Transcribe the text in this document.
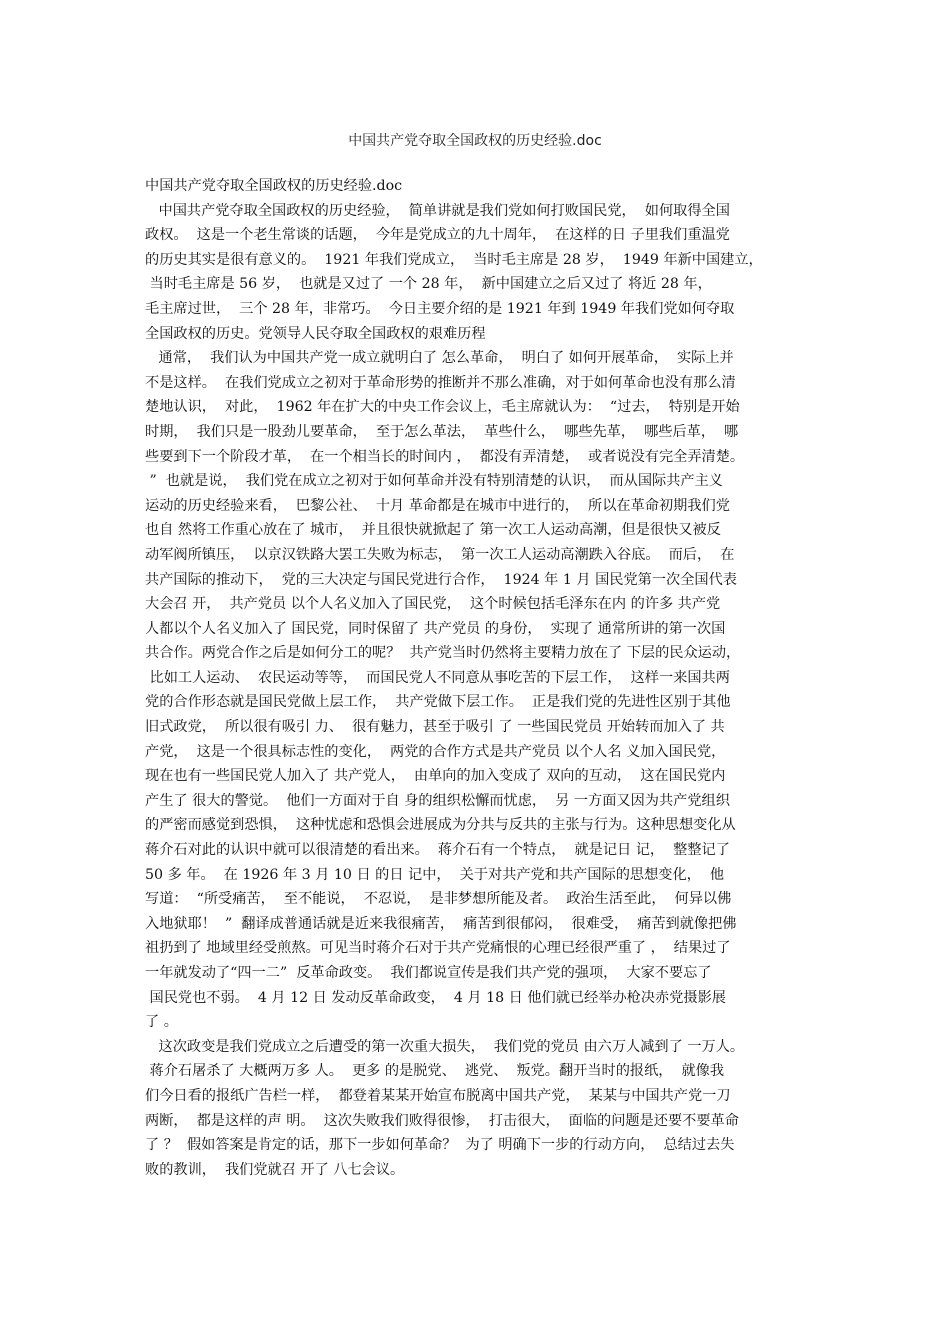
中国共产党夺取全国政权的历史经验.doc
中国共产党夺取全国政权的历史经验.doc
中国共产党夺取全国政权的历史经验，  简单讲就是我们党如何打败国民党，  如何取得全国
政权。  这是一个老生常谈的话题，  今年是党成立的九十周年，  在这样的日 子里我们重温党
的历史其实是很有意义的。  1921 年我们党成立，  当时毛主席是 28 岁，  1949 年新中国建立，
当时毛主席是 56 岁，  也就是又过了 一个 28 年，  新中国建立之后又过了 将近 28 年，
毛主席过世，  三个 28 年，非常巧。  今日主要介绍的是 1921 年到 1949 年我们党如何夺取
全国政权的历史。党领导人民夺取全国政权的艰难历程
通常，  我们认为中国共产党一成立就明白了 怎么革命，  明白了 如何开展革命，  实际上并
不是这样。  在我们党成立之初对于革命形势的推断并不那么准确，对于如何革命也没有那么清
楚地认识，  对此，  1962 年在扩大的中央工作会议上，毛主席就认为：  “过去，  特别是开始
时期，  我们只是一股劲儿要革命，  至于怎么革法，  革些什么，  哪些先革，  哪些后革，  哪
些要到下一个阶段才革，  在一个相当长的时间内 ，  都没有弄清楚，  或者说没有完全弄清楚。
”  也就是说，  我们党在成立之初对于如何革命并没有特别清楚的认识，  而从国际共产主义
运动的历史经验来看，  巴黎公社、  十月 革命都是在城市中进行的，  所以在革命初期我们党
也自 然将工作重心放在了 城市，  并且很快就掀起了 第一次工人运动高潮，但是很快又被反
动军阀所镇压，  以京汉铁路大罢工失败为标志，  第一次工人运动高潮跌入谷底。  而后，  在
共产国际的推动下，  党的三大决定与国民党进行合作，  1924 年 1 月 国民党第一次全国代表
大会召 开，  共产党员 以个人名义加入了国民党，  这个时候包括毛泽东在内 的许多 共产党
人都以个人名义加入了 国民党，同时保留了 共产党员 的身份，  实现了 通常所讲的第一次国
共合作。两党合作之后是如何分工的呢？  共产党当时仍然将主要精力放在了 下层的民众运动，
比如工人运动、  农民运动等等，  而国民党人不同意从事吃苦的下层工作，  这样一来国共两
党的合作形态就是国民党做上层工作，  共产党做下层工作。  正是我们党的先进性区别于其他
旧式政党，  所以很有吸引 力、  很有魅力，甚至于吸引 了 一些国民党员 开始转而加入了 共
产党，  这是一个很具标志性的变化，  两党的合作方式是共产党员 以个人名 义加入国民党，
现在也有一些国民党人加入了 共产党人，  由单向的加入变成了 双向的互动，  这在国民党内
产生了 很大的警觉。  他们一方面对于自 身的组织松懈而忧虑，  另 一方面又因为共产党组织
的严密而感觉到恐惧，  这种忧虑和恐惧会进展成为分共与反共的主张与行为。这种思想变化从
蒋介石对此的认识中就可以很清楚的看出来。  蒋介石有一个特点，  就是记日 记，  整整记了
50 多 年。  在 1926 年 3 月 10 日 的日 记中，  关于对共产党和共产国际的思想变化，  他
写道：  “所受痛苦，  至不能说，  不忍说，  是非梦想所能及者。  政治生活至此，  何异以佛
入地狱耶！  ”  翻译成普通话就是近来我很痛苦，  痛苦到很郁闷，  很难受，  痛苦到就像把佛
祖扔到了 地域里经受煎熬。可见当时蒋介石对于共产党痛恨的心理已经很严重了 ，  结果过了
一年就发动了“四一二”  反革命政变。  我们都说宣传是我们共产党的强项，  大家不要忘了
国民党也不弱。  4 月 12 日 发动反革命政变，  4 月 18 日 他们就已经举办枪决赤党摄影展
了 。
这次政变是我们党成立之后遭受的第一次重大损失，  我们党的党员 由六万人减到了 一万人。
蒋介石屠杀了 大概两万多 人。  更多 的是脱党、  逃党、  叛党。翻开当时的报纸，  就像我
们今日看的报纸广告栏一样，  都登着某某开始宣布脱离中国共产党，  某某与中国共产党一刀
两断，  都是这样的声 明。  这次失败我们败得很惨，  打击很大，  面临的问题是还要不要革命
了 ？  假如答案是肯定的话，那下一步如何革命？  为了 明确下一步的行动方向，  总结过去失
败的教训，  我们党就召 开了 八七会议。
